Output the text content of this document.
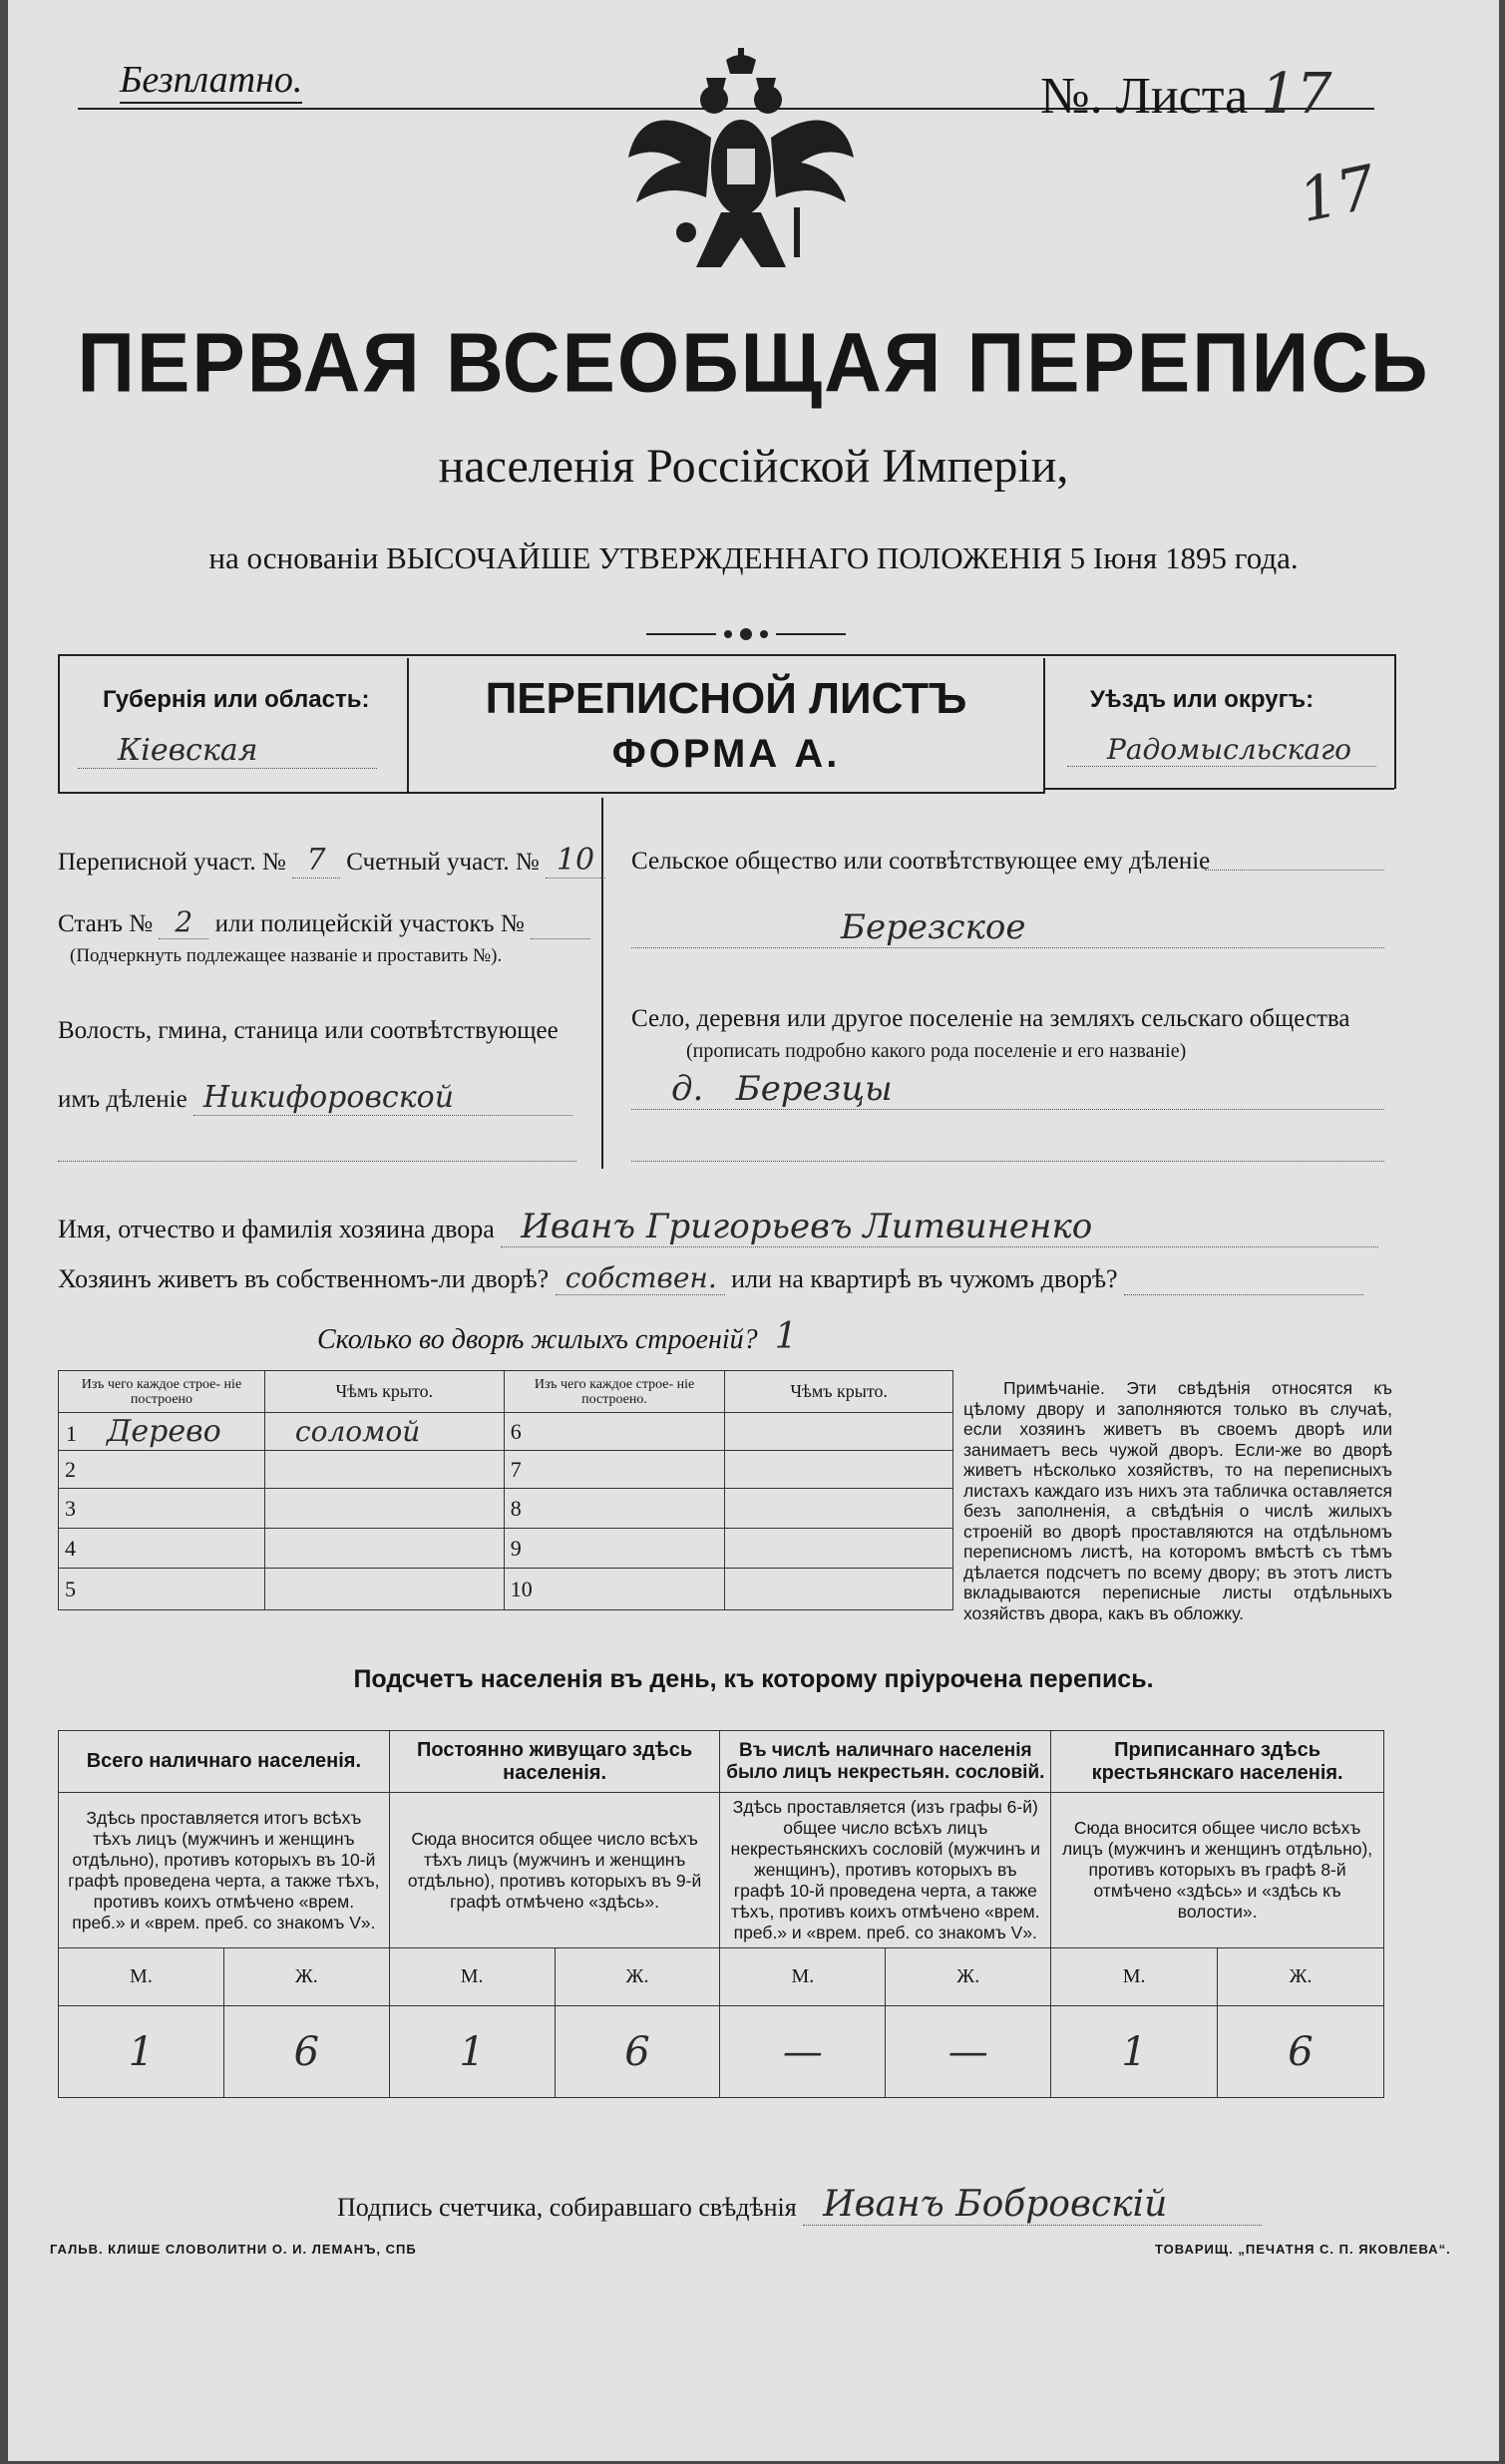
Безплатно.	№. Листа 17
17
ПЕРВАЯ ВСЕОБЩАЯ ПЕРЕПИСЬ
населенія Россійской Имперіи,
на основаніи ВЫСОЧАЙШЕ УТВЕРЖДЕННАГО ПОЛОЖЕНІЯ 5 Іюня 1895 года.
Губернія или область:
Кіевская
ПЕРЕПИСНОЙ ЛИСТЪ
ФОРМА А.
Уѣздъ или округъ:
Радомысльскаго
Переписной участ. № 7 Счетный участ. № 10
Станъ № 2 или полицейскій участокъ №
(Подчеркнуть подлежащее названіе и проставить №).
Волость, гмина, станица или соотвѣтствующее
имъ дѣленіе Никифоровской
Сельское общество или соотвѣтствующее ему дѣленіе
Березское
Село, деревня или другое поселеніе на земляхъ сельскаго общества
(прописать подробно какого рода поселеніе и его названіе)
д.   Березцы
Имя, отчество и фамилія хозяина двора Иванъ Григорьевъ Литвиненко
Хозяинъ живетъ въ собственномъ-ли дворѣ? собствен. или на квартирѣ въ чужомъ дворѣ?
Сколько во дворѣ жилыхъ строеній? 1
Изъ чего каждое строе- ніе построено	Чѣмъ крыто.	Изъ чего каждое строе- ніе построено.	Чѣмъ крыто.
1 Дерево	соломой	6	
2		7	
3		8	
4		9	
5		10	
Примѣчаніе. Эти свѣдѣнія относятся къ цѣлому двору и заполняются только въ случаѣ, если хозяинъ живетъ въ своемъ дворѣ или занимаетъ весь чужой дворъ. Если-же во дворѣ живетъ нѣсколько хозяйствъ, то на переписныхъ листахъ каждаго изъ нихъ эта табличка оставляется безъ заполненія, а свѣдѣнія о числѣ жилыхъ строеній во дворѣ проставляются на отдѣльномъ переписномъ листѣ, на которомъ вмѣстѣ съ тѣмъ дѣлается подсчетъ по всему двору; въ этотъ листъ вкладываются переписные листы отдѣльныхъ хозяйствъ двора, какъ въ обложку.
Подсчетъ населенія въ день, къ которому пріурочена перепись.
Всего наличнаго населенія.		Постоянно живущаго здѣсь населенія.		Въ числѣ наличнаго населенія было лицъ некрестьян. сословій.		Приписаннаго здѣсь крестьянскаго населенія.	
Здѣсь проставляется итогъ всѣхъ тѣхъ лицъ (мужчинъ и женщинъ отдѣльно), противъ которыхъ въ 10-й графѣ проведена черта, а также тѣхъ, противъ коихъ отмѣчено «врем. преб.» и «врем. преб. со знакомъ V».		Сюда вносится общее число всѣхъ тѣхъ лицъ (мужчинъ и женщинъ отдѣльно), противъ которыхъ въ 9-й графѣ отмѣчено «здѣсь».		Здѣсь проставляется (изъ графы 6-й) общее число всѣхъ лицъ некрестьянскихъ сословій (мужчинъ и женщинъ), противъ которыхъ въ графѣ 10-й проведена черта, а также тѣхъ, противъ коихъ отмѣчено «врем. преб.» и «врем. преб. со знакомъ V».		Сюда вносится общее число всѣхъ лицъ (мужчинъ и женщинъ отдѣльно), противъ которыхъ въ графѣ 8-й отмѣчено «здѣсь» и «здѣсь къ волости».	
М.	Ж.	М.	Ж.	М.	Ж.	М.	Ж.
1	6	1	6	—	—	1	6
Подпись счетчика, собиравшаго свѣдѣнія Иванъ Бобровскій
ГАЛЬВ. КЛИШЕ СЛОВОЛИТНИ О. И. ЛЕМАНЪ, СПБ	ТОВАРИЩ. „ПЕЧАТНЯ С. П. ЯКОВЛЕВА“.
